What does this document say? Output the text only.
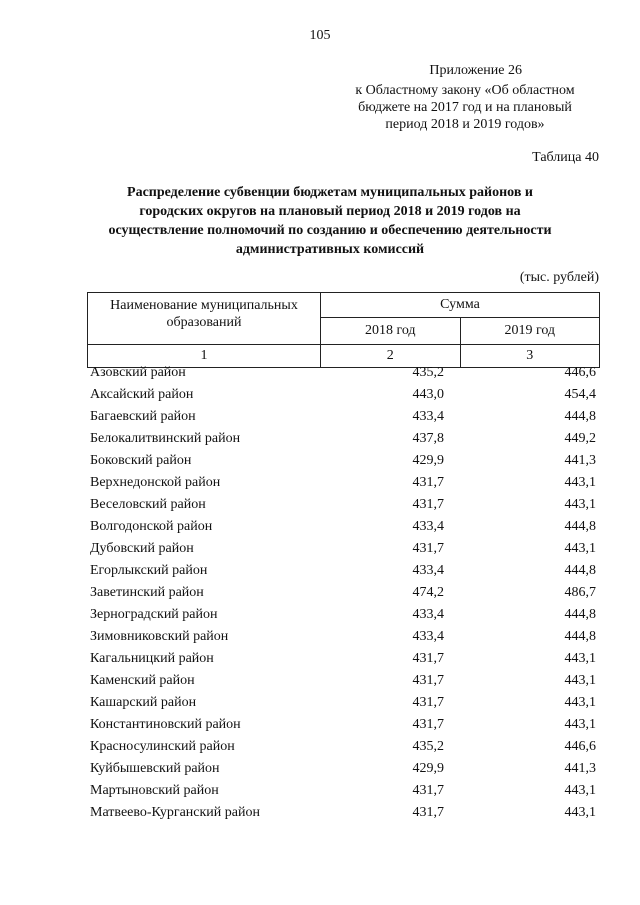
105
Приложение 26
к Областному закону «Об областном
бюджете на 2017 год и на плановый
период 2018 и 2019 годов»
Таблица 40
Распределение субвенции бюджетам муниципальных районов и
городских округов на плановый период 2018 и 2019 годов на
осуществление полномочий по созданию и обеспечению деятельности
административных комиссий
(тыс. рублей)
Наименование муниципальных
образований	Сумма	
	2018 год	2019 год
1	2	3
Азовский район	435,2	446,6
Аксайский район	443,0	454,4
Багаевский район	433,4	444,8
Белокалитвинский район	437,8	449,2
Боковский район	429,9	441,3
Верхнедонской район	431,7	443,1
Веселовский район	431,7	443,1
Волгодонской район	433,4	444,8
Дубовский район	431,7	443,1
Егорлыкский район	433,4	444,8
Заветинский район	474,2	486,7
Зерноградский район	433,4	444,8
Зимовниковский район	433,4	444,8
Кагальницкий район	431,7	443,1
Каменский район	431,7	443,1
Кашарский район	431,7	443,1
Константиновский район	431,7	443,1
Красносулинский район	435,2	446,6
Куйбышевский район	429,9	441,3
Мартыновский район	431,7	443,1
Матвеево-Курганский район	431,7	443,1
